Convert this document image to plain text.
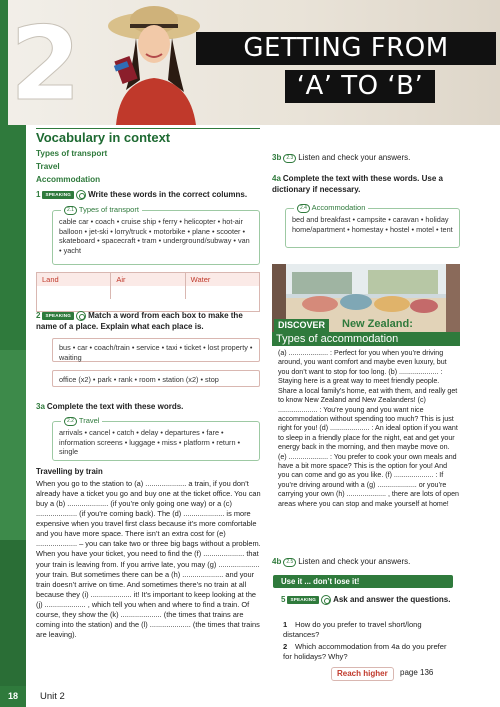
2	GETTING FROM
‘A’ TO ‘B’
Vocabulary in context
Types of transport
Travel
Accommodation
1 SPEAKING Write these words in the correct columns.
2.1 Types of transport
cable car • coach • cruise ship • ferry • helicopter • hot-air balloon • jet-ski • lorry/truck • motorbike • plane • scooter • skateboard • spacecraft • tram • underground/subway • van • yacht
Land	Air	Water
2 SPEAKING Match a word from each box to make the name of a place. Explain what each place is.
bus • car • coach/train • service • taxi • ticket • lost property • waiting
office (x2) • park • rank • room • station (x2) • stop
3a Complete the text with these words.
2.2 Travel
arrivals • cancel • catch • delay • departures • fare • information screens • luggage • miss • platform • return • single
Travelling by train
When you go to the station to (a) .................... a train, if you don’t already have a ticket you go and buy one at the ticket office. You can buy a (b) .................... (if you’re only going one way) or a (c) .................... (if you’re coming back). The (d) .................... is more expensive when you travel first class because it’s more comfortable and you have more space. There isn’t an extra cost for (e) .................... – you can take two or three big bags without a problem. When you have your ticket, you need to find the (f) .................... that your train is leaving from. If you arrive late, you may (g) .................... your train. But sometimes there can be a (h) .................... and your train doesn’t arrive on time. And sometimes there’s no train at all because they (i) .................... it! It’s important to keep looking at the (j) .................... , which tell you when and where to find a train. Of course, they show the (k) .................... (the times that trains are coming into the station) and the (l) .................... (the times that trains are leaving).
3b 2.3 Listen and check your answers.
4a Complete the text with these words. Use a dictionary if necessary.
2.4 Accommodation
bed and breakfast • campsite • caravan • holiday home/apartment • homestay • hostel • motel • tent
DISCOVER	New Zealand:
Types of accommodation
(a) .................... : Perfect for you when you’re driving around, you want comfort and maybe even luxury, but you don’t want to stop for too long. (b) .................... : Staying here is a great way to meet friendly people. Share a local family’s home, eat with them, and really get to know New Zealand and New Zealanders! (c) .................... : You’re young and you want nice accommodation without spending too much? This is just right for you! (d) .................... : An ideal option if you want to sleep in a friendly place for the night, eat and get your energy back in the morning, and then maybe move on. (e) .................... : You prefer to cook your own meals and have a bit more space? This is the option for you! And you can come and go as you like. (f) .................... : If you’re driving around with a (g) .................... or you’re carrying your own (h) .................... , there are lots of open areas where you can stop and make yourself at home!
4b 2.5 Listen and check your answers.
Use it ... don’t lose it!
5 SPEAKING Ask and answer the questions.
1 How do you prefer to travel short/long distances?
2 Which accommodation from 4a do you prefer for holidays? Why?
Reach higher	page 136
18	Unit 2
